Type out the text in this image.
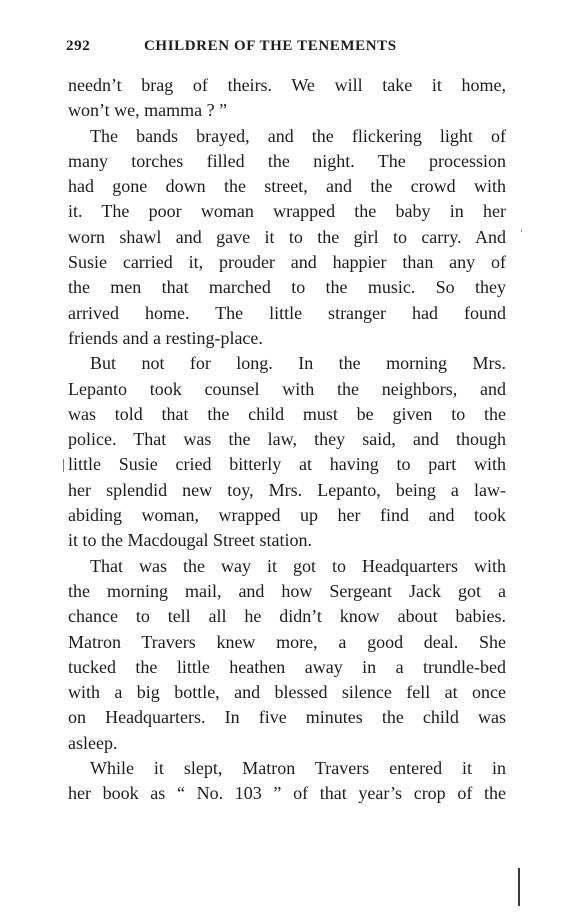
292	CHILDREN OF THE TENEMENTS
needn’t brag of theirs. We will take it home,
won’t we, mamma ? ”
The bands brayed, and the flickering light of
many torches filled the night. The procession
had gone down the street, and the crowd with
it. The poor woman wrapped the baby in her
worn shawl and gave it to the girl to carry. And
Susie carried it, prouder and happier than any of
the men that marched to the music. So they
arrived home. The little stranger had found
friends and a resting-place.
But not for long. In the morning Mrs.
Lepanto took counsel with the neighbors, and
was told that the child must be given to the
police. That was the law, they said, and though
little Susie cried bitterly at having to part with
her splendid new toy, Mrs. Lepanto, being a law-
abiding woman, wrapped up her find and took
it to the Macdougal Street station.
That was the way it got to Headquarters with
the morning mail, and how Sergeant Jack got a
chance to tell all he didn’t know about babies.
Matron Travers knew more, a good deal. She
tucked the little heathen away in a trundle-bed
with a big bottle, and blessed silence fell at once
on Headquarters. In five minutes the child was
asleep.
While it slept, Matron Travers entered it in
her book as “ No. 103 ” of that year’s crop of the
